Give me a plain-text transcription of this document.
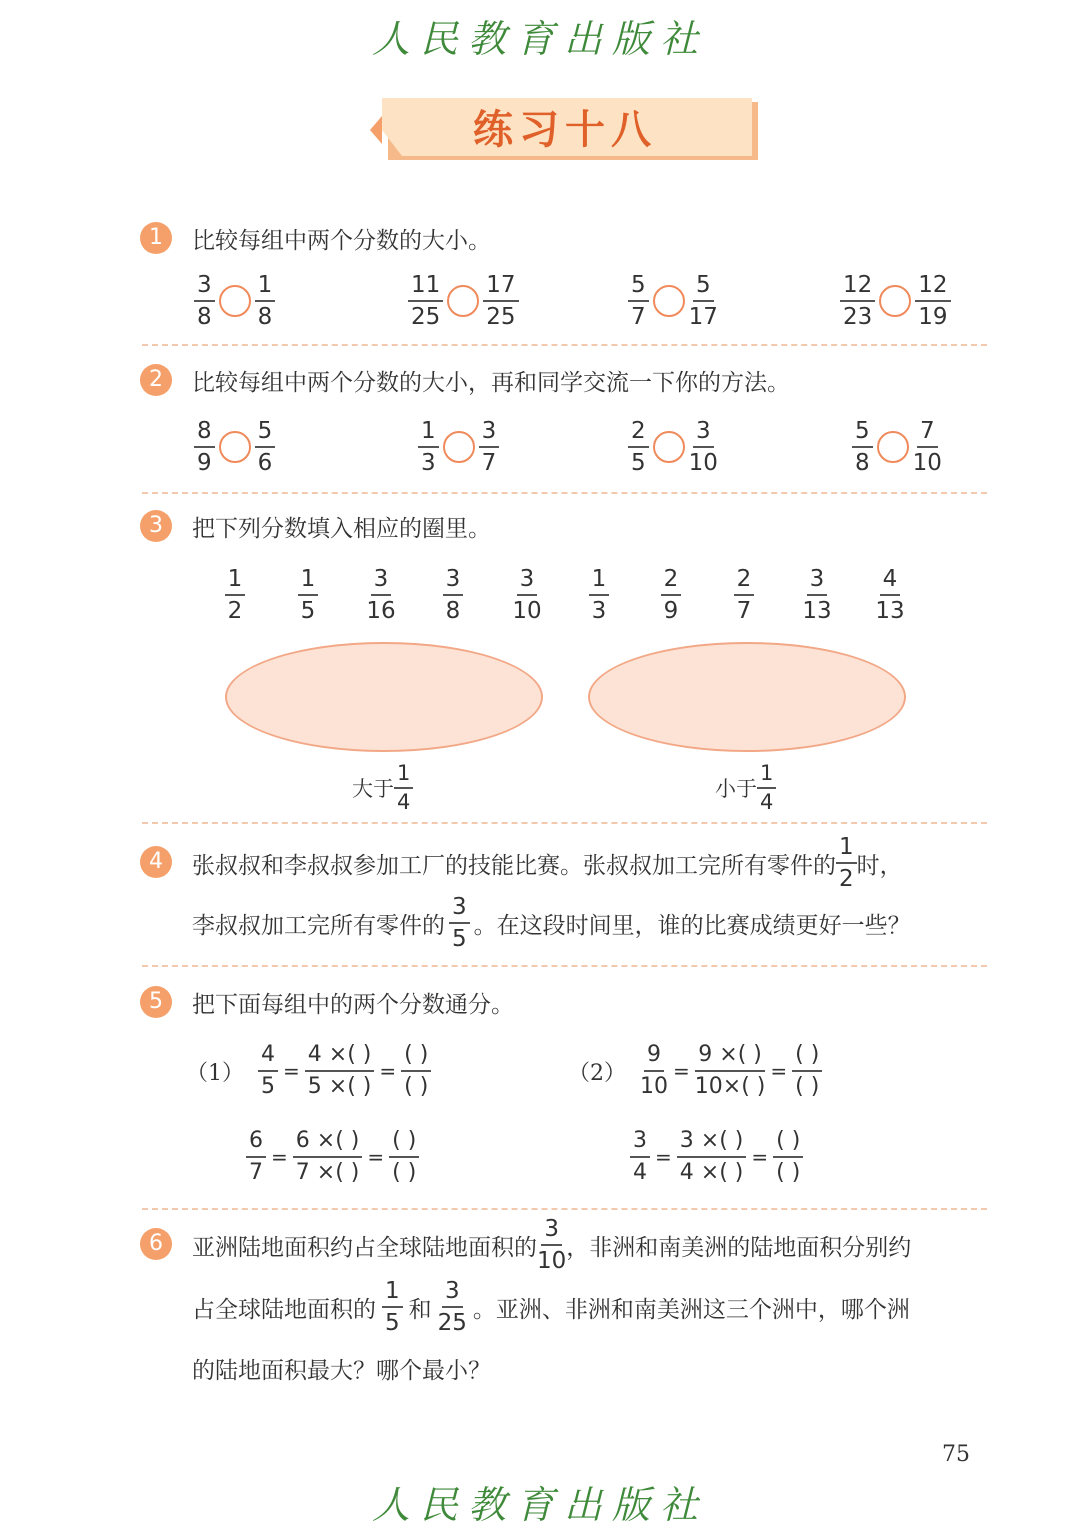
人民教育出版社
练习十八
1	比较每组中两个分数的大小。
$\frac{3}{8} \frac{1}{8}$	$\frac{11}{25} \frac{17}{25}$	$\frac{5}{7} \frac{5}{17}$	$\frac{12}{23} \frac{12}{19}$
2	比较每组中两个分数的大小，再和同学交流一下你的方法。
$\frac{8}{9} \frac{5}{6}$	$\frac{1}{3} \frac{3}{7}$	$\frac{2}{5} \frac{3}{10}$	$\frac{5}{8} \frac{7}{10}$
3	把下列分数填入相应的圈里。
$\frac{1}{2} \frac{1}{5} \frac{3}{16} \frac{3}{8} \frac{3}{10} \frac{1}{3} \frac{2}{9} \frac{2}{7} \frac{3}{13} \frac{4}{13}$
大于 $\frac{1}{4}$	小于 $\frac{1}{4}$
4	张叔叔和李叔叔参加工厂的技能比赛。张叔叔加工完所有零件的 $\frac{1}{2}$ 时，
李叔叔加工完所有零件的 $\frac{3}{5}$ 。在这段时间里，谁的比赛成绩更好一些？
5	把下面每组中的两个分数通分。
$(1) \frac{4}{5} = \frac{4 \times( )}{5 \times( )} = \frac{( )}{( )}$	$(2) \frac{9}{10} = \frac{9 \times( )}{10\times( )} = \frac{( )}{( )}$
$\frac{6}{7} = \frac{6 \times( )}{7 \times( )} = \frac{( )}{( )}$	$\frac{3}{4} = \frac{3 \times( )}{4 \times( )} = \frac{( )}{( )}$
6	亚洲陆地面积约占全球陆地面积的 $\frac{3}{10}$ ，非洲和南美洲的陆地面积分别约
占全球陆地面积的 $\frac{1}{5}$ 和 $\frac{3}{25}$ 。亚洲、非洲和南美洲这三个洲中，哪个洲
的陆地面积最大？哪个最小？
75
人民教育出版社
